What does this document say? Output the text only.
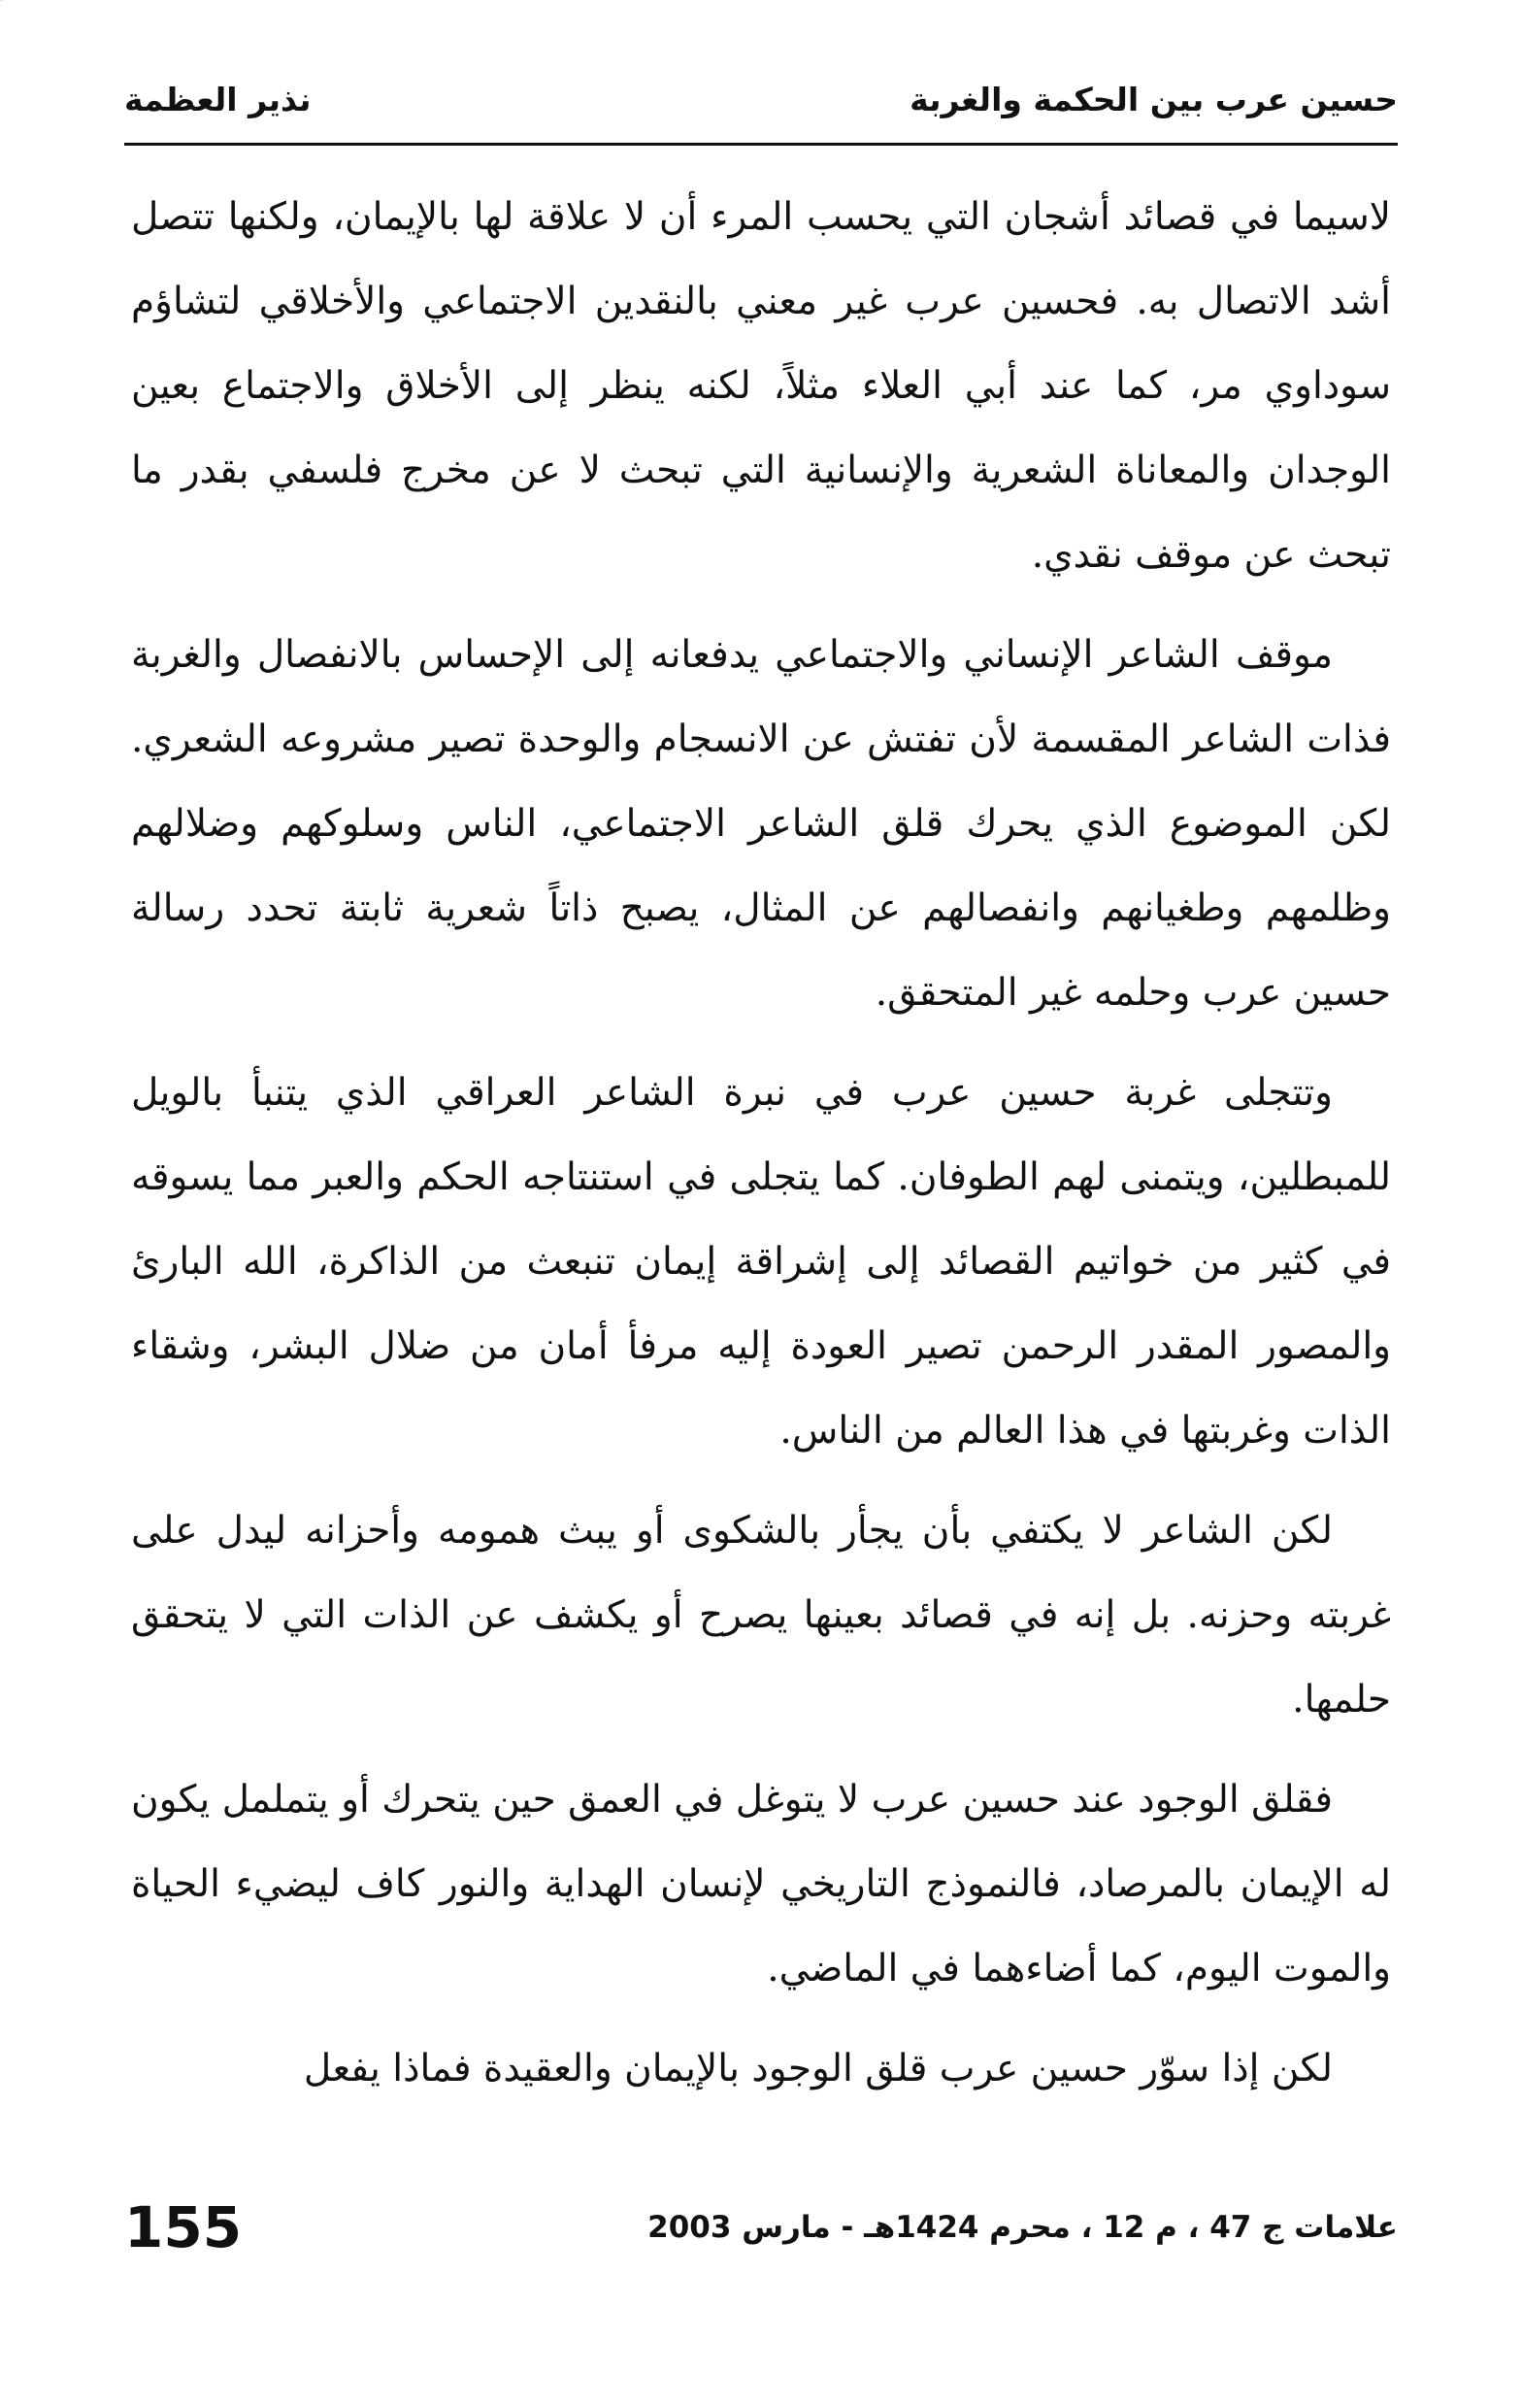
حسين عرب بين الحكمة والغربة
نذير العظمة

لاسيما في قصائد أشجان التي يحسب المرء أن لا علاقة لها بالإيمان، ولكنها تتصل أشد الاتصال به. فحسين عرب غير معني بالنقدين الاجتماعي والأخلاقي لتشاؤم سوداوي مر، كما عند أبي العلاء مثلاً، لكنه ينظر إلى الأخلاق والاجتماع بعين الوجدان والمعاناة الشعرية والإنسانية التي تبحث لا عن مخرج فلسفي بقدر ما تبحث عن موقف نقدي.

موقف الشاعر الإنساني والاجتماعي يدفعانه إلى الإحساس بالانفصال والغربة فذات الشاعر المقسمة لأن تفتش عن الانسجام والوحدة تصير مشروعه الشعري. لكن الموضوع الذي يحرك قلق الشاعر الاجتماعي، الناس وسلوكهم وضلالهم وظلمهم وطغيانهم وانفصالهم عن المثال، يصبح ذاتاً شعرية ثابتة تحدد رسالة حسين عرب وحلمه غير المتحقق.

وتتجلى غربة حسين عرب في نبرة الشاعر العراقي الذي يتنبأ بالويل للمبطلين، ويتمنى لهم الطوفان. كما يتجلى في استنتاجه الحكم والعبر مما يسوقه في كثير من خواتيم القصائد إلى إشراقة إيمان تنبعث من الذاكرة، الله البارئ والمصور المقدر الرحمن تصير العودة إليه مرفأ أمان من ضلال البشر، وشقاء الذات وغربتها في هذا العالم من الناس.

لكن الشاعر لا يكتفي بأن يجأر بالشكوى أو يبث همومه وأحزانه ليدل على غربته وحزنه. بل إنه في قصائد بعينها يصرح أو يكشف عن الذات التي لا يتحقق حلمها.

فقلق الوجود عند حسين عرب لا يتوغل في العمق حين يتحرك أو يتململ يكون له الإيمان بالمرصاد، فالنموذج التاريخي لإنسان الهداية والنور كاف ليضيء الحياة والموت اليوم، كما أضاءهما في الماضي.

لكن إذا سوّر حسين عرب قلق الوجود بالإيمان والعقيدة فماذا يفعل

155	علامات ج 47 ، م 12 ، محرم 1424هـ - مارس 2003
